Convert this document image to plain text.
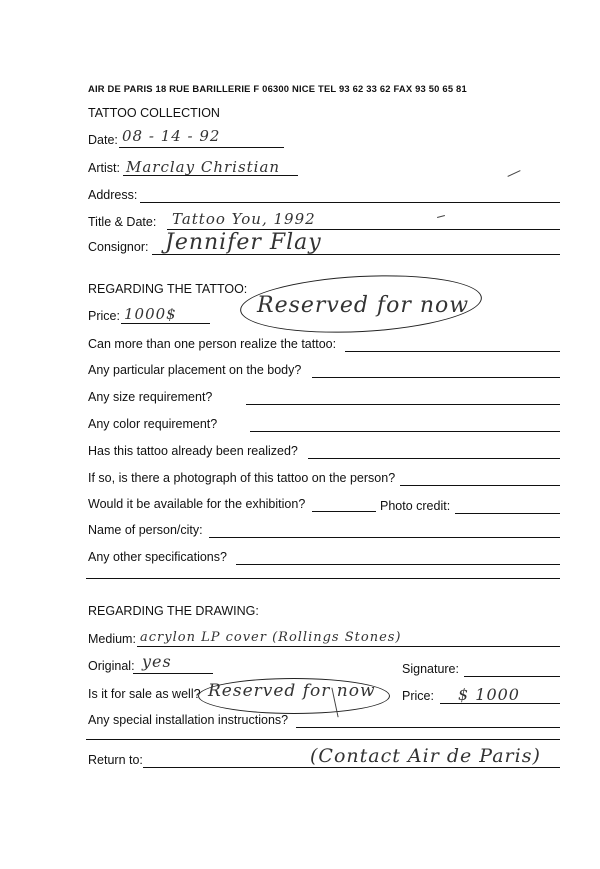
AIR DE PARIS 18 RUE BARILLERIE F 06300 NICE TEL 93 62 33 62 FAX 93 50 65 81
TATTOO COLLECTION
Date: 08 - 14 - 92
Artist: Marclay Christian
Address:
Title & Date: Tattoo You, 1992
Consignor: Jennifer Flay
REGARDING THE TATTOO:
Price: 1000$	Reserved for now
Can more than one person realize the tattoo:
Any particular placement on the body?
Any size requirement?
Any color requirement?
Has this tattoo already been realized?
If so, is there a photograph of this tattoo on the person?
Would it be available for the exhibition?	Photo credit:
Name of person/city:
Any other specifications?
REGARDING THE DRAWING:
Medium: acrylon LP cover (Rollings Stones)
Original: yes	Signature:
Is it for sale as well? Reserved for now Price: $ 1000
Any special installation instructions?
Return to:	(Contact Air de Paris)
